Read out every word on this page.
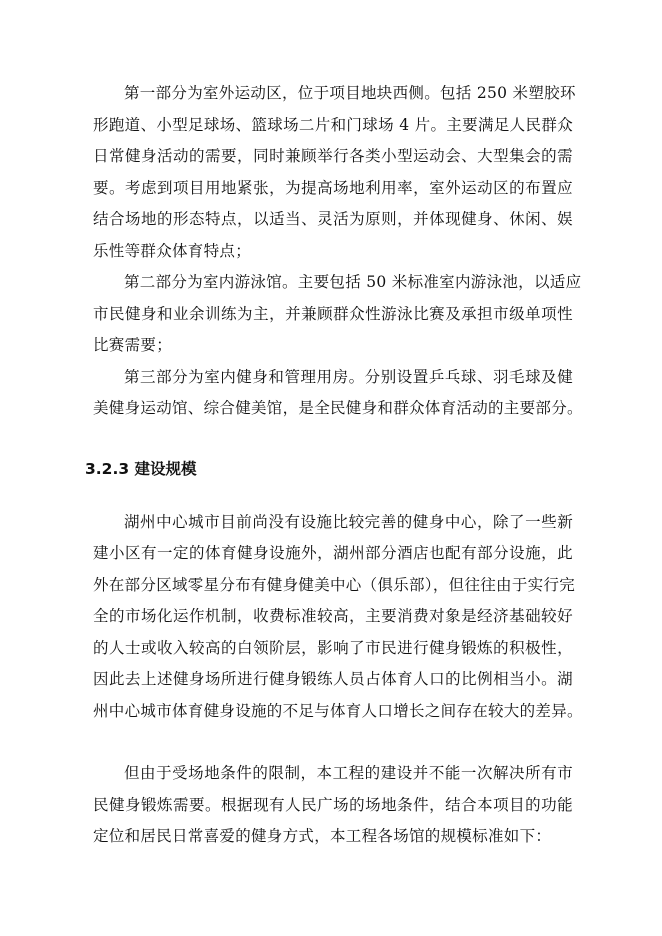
第一部分为室外运动区，位于项目地块西侧。包括 250 米塑胶环
形跑道、小型足球场、篮球场二片和门球场 4 片。主要满足人民群众
日常健身活动的需要，同时兼顾举行各类小型运动会、大型集会的需
要。考虑到项目用地紧张，为提高场地利用率，室外运动区的布置应
结合场地的形态特点，以适当、灵活为原则，并体现健身、休闲、娱
乐性等群众体育特点；
第二部分为室内游泳馆。主要包括 50 米标准室内游泳池，以适应
市民健身和业余训练为主，并兼顾群众性游泳比赛及承担市级单项性
比赛需要；
第三部分为室内健身和管理用房。分别设置乒乓球、羽毛球及健
美健身运动馆、综合健美馆，是全民健身和群众体育活动的主要部分。
3.2.3 建设规模
湖州中心城市目前尚没有设施比较完善的健身中心，除了一些新
建小区有一定的体育健身设施外，湖州部分酒店也配有部分设施，此
外在部分区域零星分布有健身健美中心（俱乐部），但往往由于实行完
全的市场化运作机制，收费标准较高，主要消费对象是经济基础较好
的人士或收入较高的白领阶层，影响了市民进行健身锻炼的积极性，
因此去上述健身场所进行健身锻练人员占体育人口的比例相当小。湖
州中心城市体育健身设施的不足与体育人口增长之间存在较大的差异。
但由于受场地条件的限制，本工程的建设并不能一次解决所有市
民健身锻炼需要。根据现有人民广场的场地条件，结合本项目的功能
定位和居民日常喜爱的健身方式，本工程各场馆的规模标准如下：
